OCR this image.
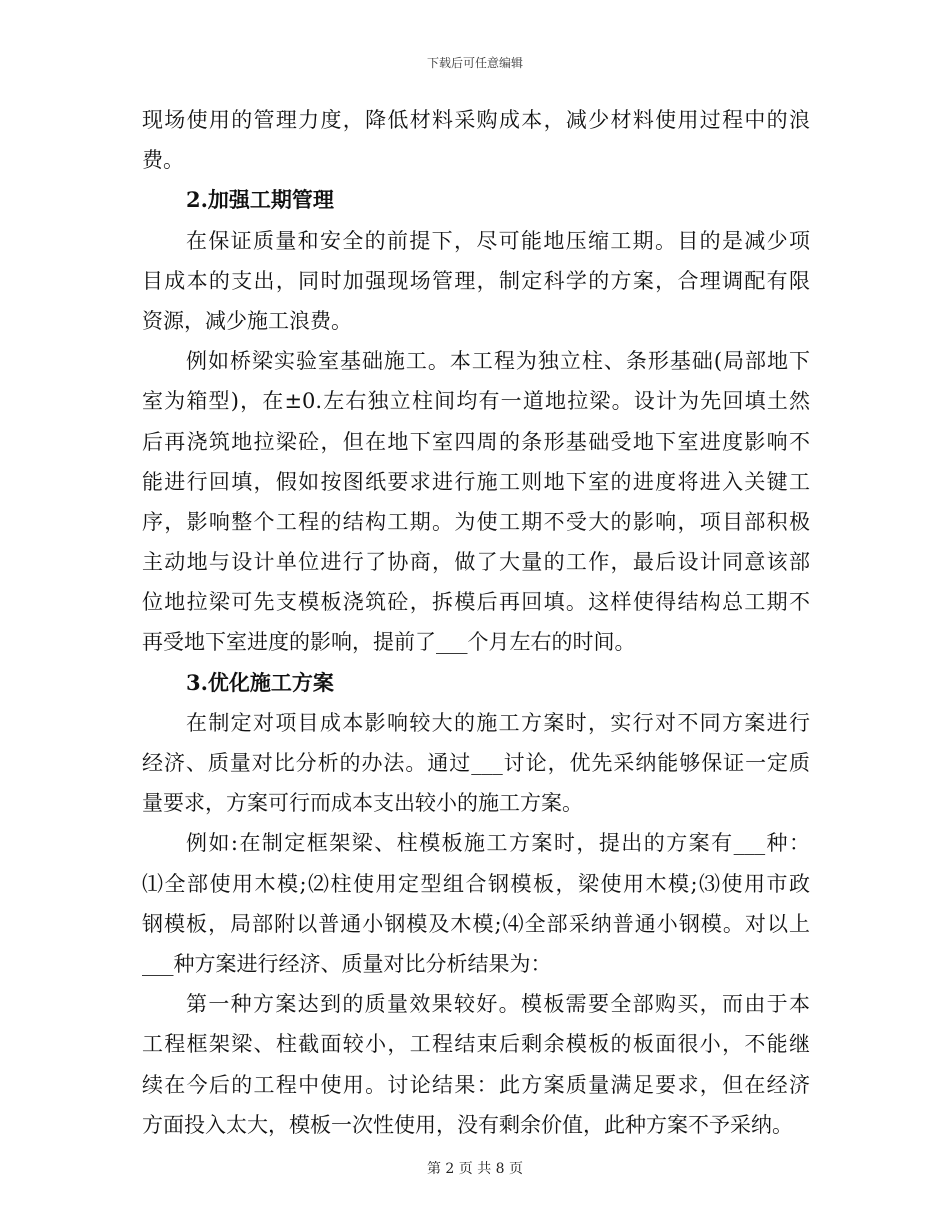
下载后可任意编辑
现场使用的管理力度，降低材料采购成本，减少材料使用过程中的浪
费。
2.加强工期管理
在保证质量和安全的前提下，尽可能地压缩工期。目的是减少项
目成本的支出，同时加强现场管理，制定科学的方案，合理调配有限
资源，减少施工浪费。
例如桥梁实验室基础施工。本工程为独立柱、条形基础(局部地下
室为箱型)，在±0.左右独立柱间均有一道地拉梁。设计为先回填土然
后再浇筑地拉梁砼，但在地下室四周的条形基础受地下室进度影响不
能进行回填，假如按图纸要求进行施工则地下室的进度将进入关键工
序，影响整个工程的结构工期。为使工期不受大的影响，项目部积极
主动地与设计单位进行了协商，做了大量的工作，最后设计同意该部
位地拉梁可先支模板浇筑砼，拆模后再回填。这样使得结构总工期不
再受地下室进度的影响，提前了___个月左右的时间。
3.优化施工方案
在制定对项目成本影响较大的施工方案时，实行对不同方案进行
经济、质量对比分析的办法。通过___讨论，优先采纳能够保证一定质
量要求，方案可行而成本支出较小的施工方案。
例如:在制定框架梁、柱模板施工方案时，提出的方案有___种：
⑴全部使用木模;⑵柱使用定型组合钢模板，梁使用木模;⑶使用市政
钢模板，局部附以普通小钢模及木模;⑷全部采纳普通小钢模。对以上
___种方案进行经济、质量对比分析结果为：
第一种方案达到的质量效果较好。模板需要全部购买，而由于本
工程框架梁、柱截面较小，工程结束后剩余模板的板面很小，不能继
续在今后的工程中使用。讨论结果：此方案质量满足要求，但在经济
方面投入太大，模板一次性使用，没有剩余价值，此种方案不予采纳。
第 2 页 共 8 页
